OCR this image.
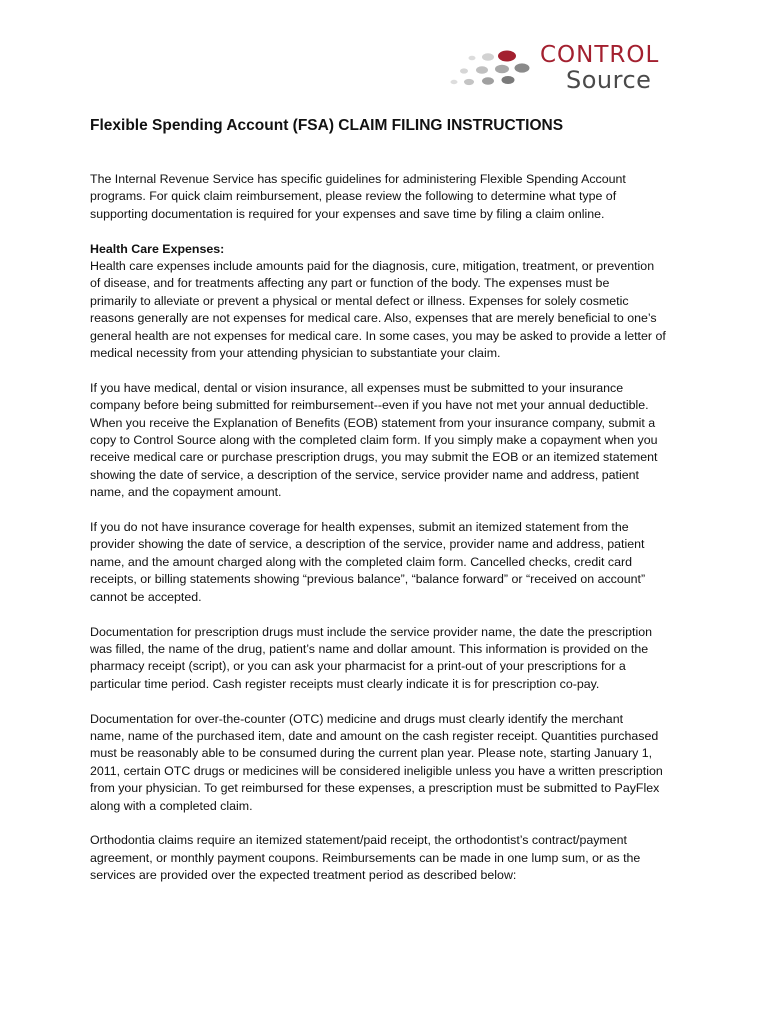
CONTROL
Source
Flexible Spending Account (FSA) CLAIM FILING INSTRUCTIONS
The Internal Revenue Service has specific guidelines for administering Flexible Spending Account
programs. For quick claim reimbursement, please review the following to determine what type of
supporting documentation is required for your expenses and save time by filing a claim online.
Health Care Expenses:
Health care expenses include amounts paid for the diagnosis, cure, mitigation, treatment, or prevention
of disease, and for treatments affecting any part or function of the body. The expenses must be
primarily to alleviate or prevent a physical or mental defect or illness. Expenses for solely cosmetic
reasons generally are not expenses for medical care. Also, expenses that are merely beneficial to one’s
general health are not expenses for medical care. In some cases, you may be asked to provide a letter of
medical necessity from your attending physician to substantiate your claim.
If you have medical, dental or vision insurance, all expenses must be submitted to your insurance
company before being submitted for reimbursement--even if you have not met your annual deductible.
When you receive the Explanation of Benefits (EOB) statement from your insurance company, submit a
copy to Control Source along with the completed claim form. If you simply make a copayment when you
receive medical care or purchase prescription drugs, you may submit the EOB or an itemized statement
showing the date of service, a description of the service, service provider name and address, patient
name, and the copayment amount.
If you do not have insurance coverage for health expenses, submit an itemized statement from the
provider showing the date of service, a description of the service, provider name and address, patient
name, and the amount charged along with the completed claim form. Cancelled checks, credit card
receipts, or billing statements showing “previous balance”, “balance forward” or “received on account”
cannot be accepted.
Documentation for prescription drugs must include the service provider name, the date the prescription
was filled, the name of the drug, patient’s name and dollar amount. This information is provided on the
pharmacy receipt (script), or you can ask your pharmacist for a print-out of your prescriptions for a
particular time period. Cash register receipts must clearly indicate it is for prescription co-pay.
Documentation for over-the-counter (OTC) medicine and drugs must clearly identify the merchant
name, name of the purchased item, date and amount on the cash register receipt. Quantities purchased
must be reasonably able to be consumed during the current plan year. Please note, starting January 1,
2011, certain OTC drugs or medicines will be considered ineligible unless you have a written prescription
from your physician. To get reimbursed for these expenses, a prescription must be submitted to PayFlex
along with a completed claim.
Orthodontia claims require an itemized statement/paid receipt, the orthodontist’s contract/payment
agreement, or monthly payment coupons. Reimbursements can be made in one lump sum, or as the
services are provided over the expected treatment period as described below:
